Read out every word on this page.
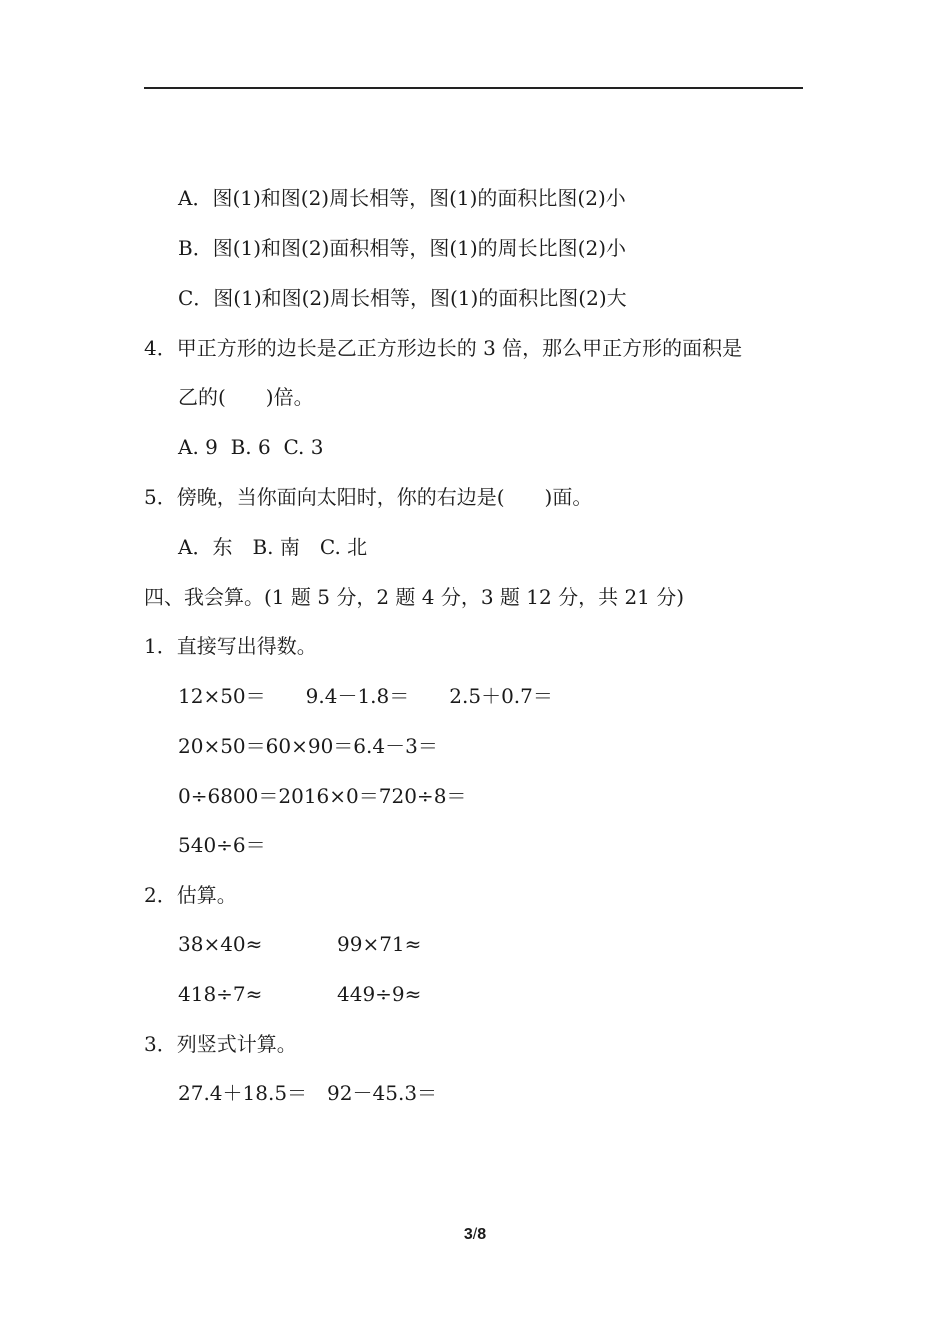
A．图(1)和图(2)周长相等，图(1)的面积比图(2)小
B．图(1)和图(2)面积相等，图(1)的周长比图(2)小
C．图(1)和图(2)周长相等，图(1)的面积比图(2)大
4．甲正方形的边长是乙正方形边长的 3 倍，那么甲正方形的面积是
乙的(　　)倍。
A. 9  B. 6  C. 3
5．傍晚，当你面向太阳时，你的右边是(　　)面。
A．东　B. 南　C. 北
四、我会算。(1 题 5 分，2 题 4 分，3 题 12 分，共 21 分)
1．直接写出得数。
12×50＝　　9.4－1.8＝　　2.5＋0.7＝
20×50＝60×90＝6.4－3＝
0÷6800＝2016×0＝720÷8＝
540÷6＝
2．估算。
38×40≈	99×71≈
418÷7≈	449÷9≈
3．列竖式计算。
27.4＋18.5＝　92－45.3＝
3/8
